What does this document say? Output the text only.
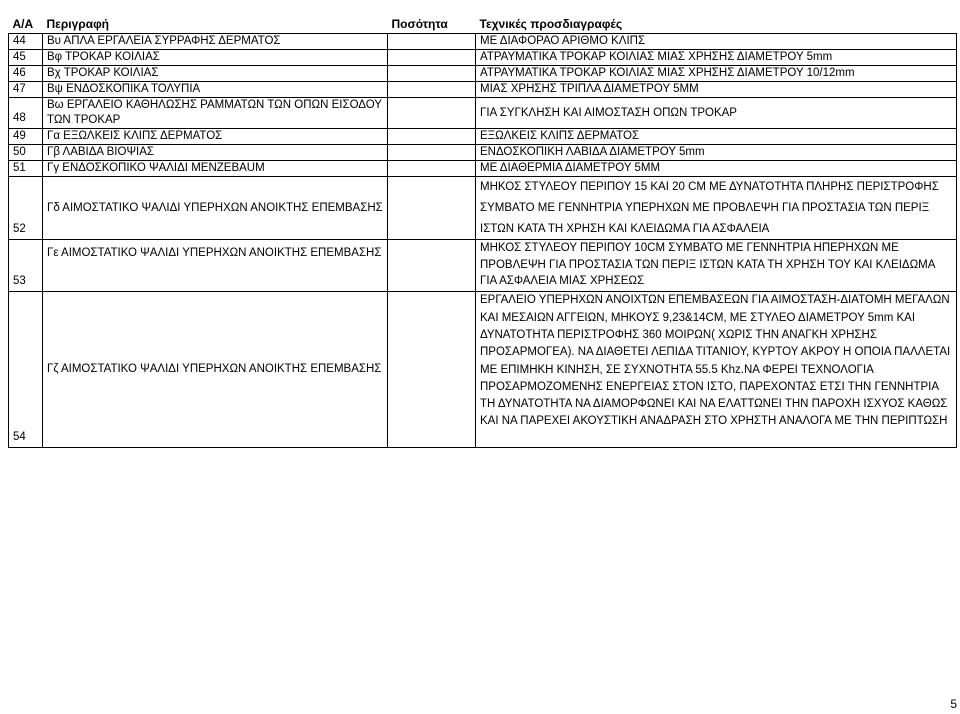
Α/Α	Περιγραφή	Ποσότητα	Τεχνικές προσδιαγραφές
44	Βυ ΑΠΛΑ ΕΡΓΑΛΕΙΑ ΣΥΡΡΑΦΗΣ ΔΕΡΜΑΤΟΣ		ΜΕ ΔΙΑΦΟΡΑΟ ΑΡΙΘΜΟ ΚΛΙΠΣ
45	Βφ ΤΡΟΚΑΡ ΚΟΙΛΙΑΣ		ΑΤΡΑΥΜΑΤΙΚΑ ΤΡΟΚΑΡ ΚΟΙΛΙΑΣ ΜΙΑΣ ΧΡΗΣΗΣ ΔΙΑΜΕΤΡΟΥ 5mm
46	Βχ ΤΡΟΚΑΡ ΚΟΙΛΙΑΣ		ΑΤΡΑΥΜΑΤΙΚΑ ΤΡΟΚΑΡ ΚΟΙΛΙΑΣ ΜΙΑΣ ΧΡΗΣΗΣ ΔΙΑΜΕΤΡΟΥ 10/12mm
47	Βψ ΕΝΔΟΣΚΟΠΙΚΑ ΤΟΛΥΠΙΑ		ΜΙΑΣ ΧΡΗΣΗΣ ΤΡΙΠΛΑ ΔΙΑΜΕΤΡΟΥ 5ΜΜ
48	Βω ΕΡΓΑΛΕΙΟ ΚΑΘΗΛΩΣΗΣ ΡΑΜΜΑΤΩΝ ΤΩΝ ΟΠΩΝ ΕΙΣΟΔΟΥ ΤΩΝ ΤΡΟΚΑΡ		ΓΙΑ ΣΥΓΚΛΗΣΗ ΚΑΙ ΑΙΜΟΣΤΑΣΗ ΟΠΩΝ ΤΡΟΚΑΡ
49	Γα ΕΞΩΛΚΕΙΣ ΚΛΙΠΣ ΔΕΡΜΑΤΟΣ		ΕΞΩΛΚΕΙΣ ΚΛΙΠΣ ΔΕΡΜΑΤΟΣ
50	Γβ ΛΑΒΙΔΑ ΒΙΟΨΙΑΣ		ΕΝΔΟΣΚΟΠΙΚΗ ΛΑΒΙΔΑ ΔΙΑΜΕΤΡΟΥ 5mm
51	Γγ ΕΝΔΟΣΚΟΠΙΚΟ ΨΑΛΙΔΙ ΜΕΝΖΕΒΑUΜ		ΜΕ ΔΙΑΘΕΡΜΙΑ ΔΙΑΜΕΤΡΟΥ 5ΜΜ
52	Γδ ΑΙΜΟΣΤΑΤΙΚΟ ΨΑΛΙΔΙ ΥΠΕΡΗΧΩΝ ΑΝΟΙΚΤΗΣ ΕΠΕΜΒΑΣΗΣ		ΜΗΚΟΣ ΣΤΥΛΕΟΥ ΠΕΡΙΠΟΥ 15 ΚΑΙ 20 CM ΜΕ ΔΥΝΑΤΟΤΗΤΑ ΠΛΗΡΗΣ ΠΕΡΙΣΤΡΟΦΗΣ ΣΥΜΒΑΤΟ ΜΕ ΓΕΝΝΗΤΡΙΑ ΥΠΕΡΗΧΩΝ ΜΕ ΠΡΟΒΛΕΨΗ ΓΙΑ ΠΡΟΣΤΑΣΙΑ ΤΩΝ ΠΕΡΙΞ ΙΣΤΩΝ ΚΑΤΑ ΤΗ ΧΡΗΣΗ ΚΑΙ ΚΛΕΙΔΩΜΑ ΓΙΑ ΑΣΦΑΛΕΙΑ
53	Γε ΑΙΜΟΣΤΑΤΙΚΟ ΨΑΛΙΔΙ ΥΠΕΡΗΧΩΝ ΑΝΟΙΚΤΗΣ ΕΠΕΜΒΑΣΗΣ		ΜΗΚΟΣ ΣΤΥΛΕΟΥ ΠΕΡΙΠΟΥ 10CM ΣΥΜΒΑΤΟ ΜΕ ΓΕΝΝΗΤΡΙΑ ΗΠΕΡΗΧΩΝ ΜΕ ΠΡΟΒΛΕΨΗ ΓΙΑ ΠΡΟΣΤΑΣΙΑ ΤΩΝ ΠΕΡΙΞ ΙΣΤΩΝ ΚΑΤΑ ΤΗ ΧΡΗΣΗ ΤΟΥ ΚΑΙ ΚΛΕΙΔΩΜΑ ΓΙΑ ΑΣΦΑΛΕΙΑ ΜΙΑΣ ΧΡΗΣΕΩΣ
54	Γζ ΑΙΜΟΣΤΑΤΙΚΟ ΨΑΛΙΔΙ ΥΠΕΡΗΧΩΝ ΑΝΟΙΚΤΗΣ ΕΠΕΜΒΑΣΗΣ		ΕΡΓΑΛΕΙΟ ΥΠΕΡΗΧΩΝ ΑΝΟΙΧΤΩΝ ΕΠΕΜΒΑΣΕΩΝ ΓΙΑ ΑΙΜΟΣΤΑΣΗ-ΔΙΑΤΟΜΗ ΜΕΓΑΛΩΝ ΚΑΙ ΜΕΣΑΙΩΝ ΑΓΓΕΙΩΝ, ΜΗΚΟΥΣ 9,23&14CM, ΜΕ ΣΤΥΛΕΟ ΔΙΑΜΕΤΡΟΥ 5mm ΚΑΙ ΔΥΝΑΤΟΤΗΤΑ ΠΕΡΙΣΤΡΟΦΗΣ 360 ΜΟΙΡΩΝ( ΧΩΡΙΣ ΤΗΝ ΑΝΑΓΚΗ ΧΡΗΣΗΣ ΠΡΟΣΑΡΜΟΓΕΑ). ΝΑ ΔΙΑΘΕΤΕΙ ΛΕΠΙΔΑ ΤΙΤΑΝΙΟΥ, ΚΥΡΤΟΥ ΑΚΡΟΥ Η ΟΠΟΙΑ ΠΑΛΛΕΤΑΙ ΜΕ ΕΠΙΜΗΚΗ ΚΙΝΗΣΗ, ΣΕ ΣΥΧΝΟΤΗΤΑ 55.5 Khz.ΝΑ ΦΕΡΕΙ ΤΕΧΝΟΛΟΓΙΑ ΠΡΟΣΑΡΜΟΖΟΜΕΝΗΣ ΕΝΕΡΓΕΙΑΣ ΣΤΟΝ ΙΣΤΟ, ΠΑΡΕΧΟΝΤΑΣ ΕΤΣΙ ΤΗΝ ΓΕΝΝΗΤΡΙΑ ΤΗ ΔΥΝΑΤΟΤΗΤΑ ΝΑ ΔΙΑΜΟΡΦΩΝΕΙ ΚΑΙ ΝΑ ΕΛΑΤΤΩΝΕΙ ΤΗΝ ΠΑΡΟΧΗ ΙΣΧΥΟΣ ΚΑΘΩΣ ΚΑΙ ΝΑ ΠΑΡΕΧΕΙ ΑΚΟΥΣΤΙΚΗ ΑΝΑΔΡΑΣΗ ΣΤΟ ΧΡΗΣΤΗ ΑΝΑΛΟΓΑ ΜΕ ΤΗΝ ΠΕΡΙΠΤΩΣΗ
5
